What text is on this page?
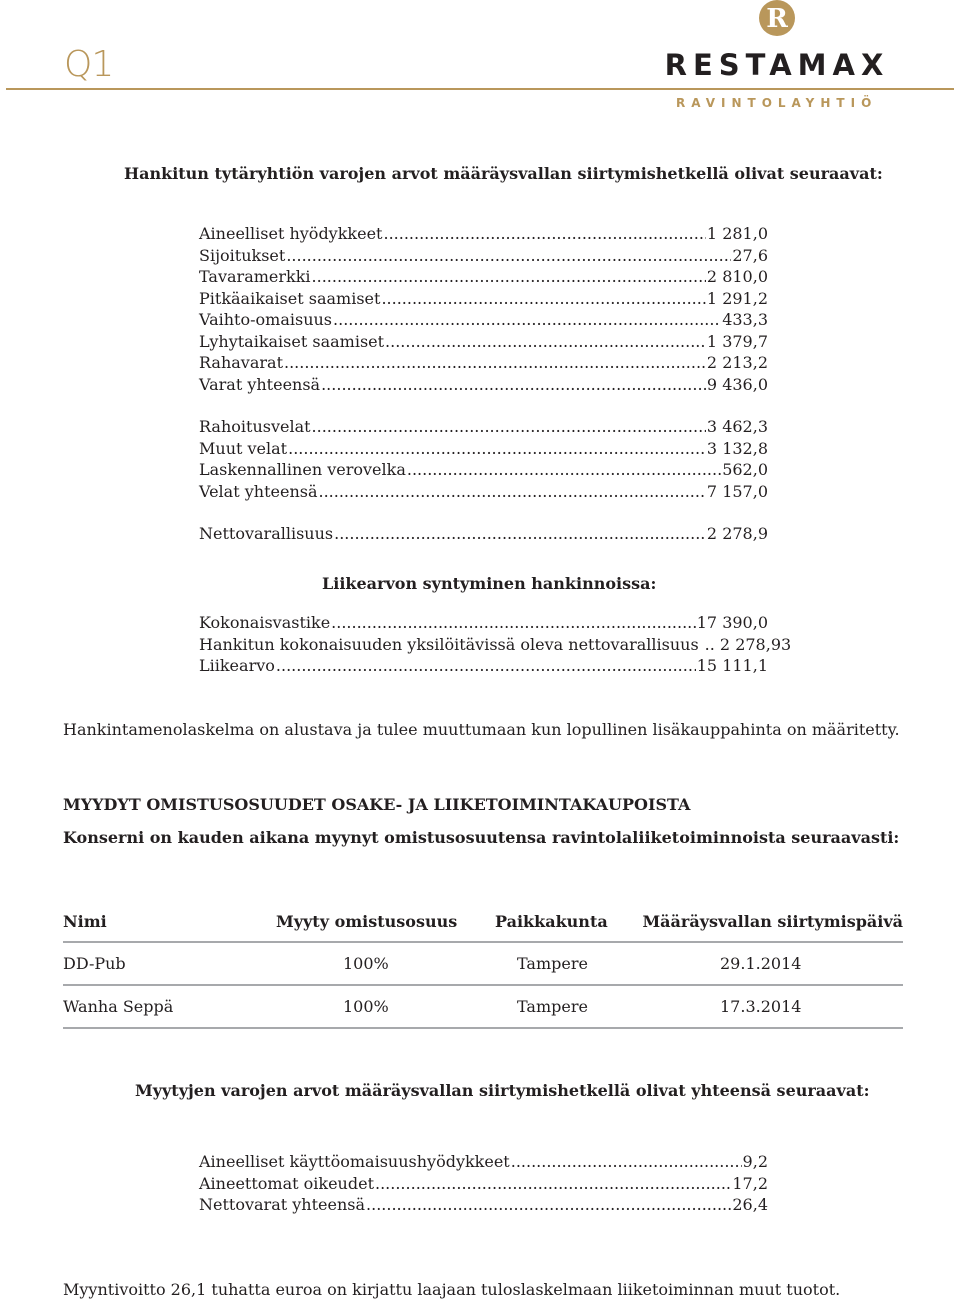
Q1
R
RESTAMAX
RAVINTOLAYHTIÖ
Hankitun tytäryhtiön varojen arvot määräysvallan siirtymishetkellä olivat seuraavat:
Aineelliset hyödykkeet .....	1 281,0
Sijoitukset .....	27,6
Tavaramerkki .....	2 810,0
Pitkäaikaiset saamiset .....	1 291,2
Vaihto-omaisuus .....	433,3
Lyhytaikaiset saamiset .....	1 379,7
Rahavarat .....	2 213,2
Varat yhteensä .....	9 436,0
Rahoitusvelat .....	3 462,3
Muut velat .....	3 132,8
Laskennallinen verovelka .....	562,0
Velat yhteensä .....	7 157,0
Nettovarallisuus .....	2 278,9
Liikearvon syntyminen hankinnoissa:
Kokonaisvastike .....	17 390,0
Hankitun kokonaisuuden yksilöitävissä oleva nettovarallisuus .. 2 278,93
Liikearvo .....	15 111,1
Hankintamenolaskelma on alustava ja tulee muuttumaan kun lopullinen lisäkauppahinta on määritetty.
MYYDYT OMISTUSOSUUDET OSAKE- JA LIIKETOIMINTAKAUPOISTA
Konserni on kauden aikana myynyt omistusosuutensa ravintolaliiketoiminnoista seuraavasti:
Nimi	Myyty omistusosuus	Paikkakunta	Määräysvallan siirtymispäivä
DD-Pub	100%	Tampere	29.1.2014
Wanha Seppä	100%	Tampere	17.3.2014
Myytyjen varojen arvot määräysvallan siirtymishetkellä olivat yhteensä seuraavat:
Aineelliset käyttöomaisuushyödykkeet .....	9,2
Aineettomat oikeudet .....	17,2
Nettovarat yhteensä .....	26,4
Myyntivoitto 26,1 tuhatta euroa on kirjattu laajaan tuloslaskelmaan liiketoiminnan muut tuotot.
